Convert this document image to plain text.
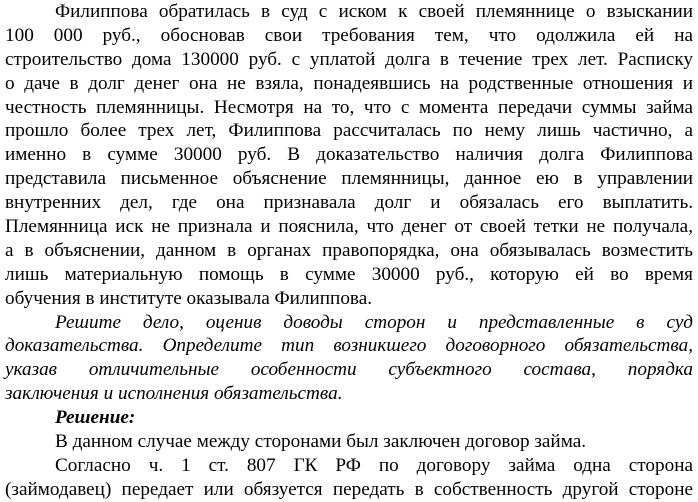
Филиппова обратилась в суд с иском к своей племяннице о взыскании
100 000 руб., обосновав свои требования тем, что одолжила ей на
строительство дома 130000 руб. с уплатой долга в течение трех лет. Расписку
о даче в долг денег она не взяла, понадеявшись на родственные отношения и
честность племянницы. Несмотря на то, что с момента передачи суммы займа
прошло более трех лет, Филиппова рассчиталась по нему лишь частично, а
именно в сумме 30000 руб. В доказательство наличия долга Филиппова
представила письменное объяснение племянницы, данное ею в управлении
внутренних дел, где она признавала долг и обязалась его выплатить.
Племянница иск не признала и пояснила, что денег от своей тетки не получала,
а в объяснении, данном в органах правопорядка, она обязывалась возместить
лишь материальную помощь в сумме 30000 руб., которую ей во время
обучения в институте оказывала Филиппова.
Решите дело, оценив доводы сторон и представленные в суд
доказательства. Определите тип возникшего договорного обязательства,
указав отличительные особенности субъектного состава, порядка
заключения и исполнения обязательства.
Решение:
В данном случае между сторонами был заключен договор займа.
Согласно ч. 1 ст. 807 ГК РФ по договору займа одна сторона
(займодавец) передает или обязуется передать в собственность другой стороне
